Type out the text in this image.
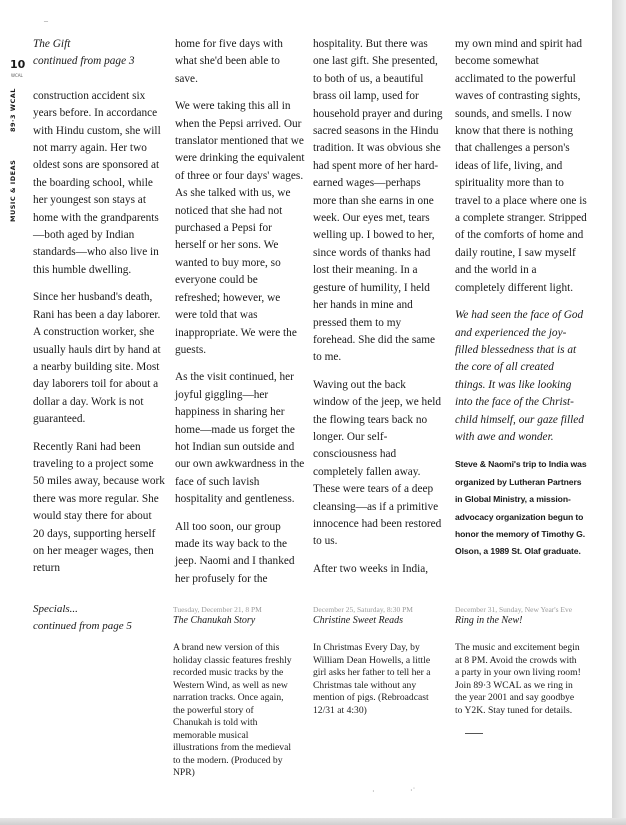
10
WCAL
89·3 WCAL
MUSIC & IDEAS
–
The Gift
continued from page 3

construction accident six years before. In accordance with Hindu custom, she will not marry again. Her two oldest sons are sponsored at the boarding school, while her youngest son stays at home with the grandparents—both aged by Indian standards—who also live in this humble dwelling.

Since her husband's death, Rani has been a day laborer. A construction worker, she usually hauls dirt by hand at a nearby building site. Most day laborers toil for about a dollar a day. Work is not guaranteed.

Recently Rani had been traveling to a project some 50 miles away, because work there was more regular. She would stay there for about 20 days, supporting herself on her meager wages, then return

home for five days with what she'd been able to save.

We were taking this all in when the Pepsi arrived. Our translator mentioned that we were drinking the equivalent of three or four days' wages. As she talked with us, we noticed that she had not purchased a Pepsi for herself or her sons. We wanted to buy more, so everyone could be refreshed; however, we were told that was inappropriate. We were the guests.

As the visit continued, her joyful giggling—her happiness in sharing her home—made us forget the hot Indian sun outside and our own awkwardness in the face of such lavish hospitality and gentleness.

All too soon, our group made its way back to the jeep. Naomi and I thanked her profusely for the

hospitality. But there was one last gift. She presented, to both of us, a beautiful brass oil lamp, used for household prayer and during sacred seasons in the Hindu tradition. It was obvious she had spent more of her hard-earned wages—perhaps more than she earns in one week. Our eyes met, tears welling up. I bowed to her, since words of thanks had lost their meaning. In a gesture of humility, I held her hands in mine and pressed them to my forehead. She did the same to me.

Waving out the back window of the jeep, we held the flowing tears back no longer. Our self-consciousness had completely fallen away. These were tears of a deep cleansing—as if a primitive innocence had been restored to us.

After two weeks in India,

my own mind and spirit had become somewhat acclimated to the powerful waves of contrasting sights, sounds, and smells. I now know that there is nothing that challenges a person's ideas of life, living, and spirituality more than to travel to a place where one is a complete stranger. Stripped of the comforts of home and daily routine, I saw myself and the world in a completely different light.

We had seen the face of God and experienced the joy-filled blessedness that is at the core of all created things. It was like looking into the face of the Christ-child himself, our gaze filled with awe and wonder.

Steve & Naomi's trip to India was organized by Lutheran Partners in Global Ministry, a mission-advocacy organization begun to honor the memory of Timothy G. Olson, a 1989 St. Olaf graduate.

Specials...
continued from page 5
Tuesday, December 21, 8 PM
The Chanukah Story

A brand new version of this holiday classic features freshly recorded music tracks by the Western Wind, as well as new narration tracks. Once again, the powerful story of Chanukah is told with memorable musical illustrations from the medieval to the modern. (Produced by NPR)

December 25, Saturday, 8:30 PM
Christine Sweet Reads

In Christmas Every Day, by William Dean Howells, a little girl asks her father to tell her a Christmas tale without any mention of pigs. (Rebroadcast 12/31 at 4:30)

December 31, Sunday, New Year's Eve
Ring in the New!

The music and excitement begin at 8 PM. Avoid the crowds with a party in your own living room! Join 89·3 WCAL as we ring in the year 2001 and say goodbye to Y2K. Stay tuned for details.

·	·˙
